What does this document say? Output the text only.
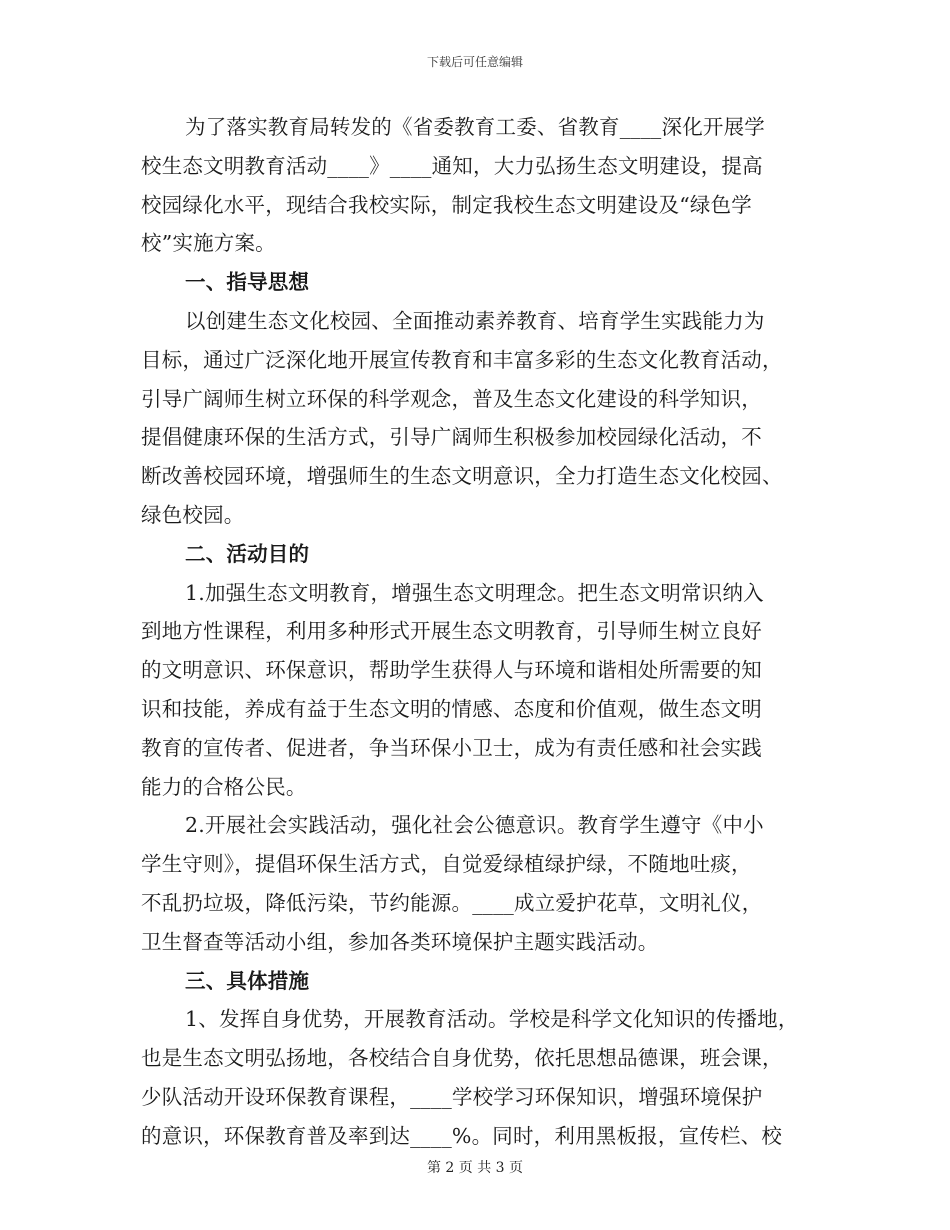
下载后可任意编辑
为了落实教育局转发的《省委教育工委、省教育____深化开展学
校生态文明教育活动____》____通知，大力弘扬生态文明建设，提高
校园绿化水平，现结合我校实际，制定我校生态文明建设及“绿色学
校”实施方案。
一、指导思想
以创建生态文化校园、全面推动素养教育、培育学生实践能力为
目标，通过广泛深化地开展宣传教育和丰富多彩的生态文化教育活动，
引导广阔师生树立环保的科学观念，普及生态文化建设的科学知识，
提倡健康环保的生活方式，引导广阔师生积极参加校园绿化活动，不
断改善校园环境，增强师生的生态文明意识，全力打造生态文化校园、
绿色校园。
二、活动目的
1.加强生态文明教育，增强生态文明理念。把生态文明常识纳入
到地方性课程，利用多种形式开展生态文明教育，引导师生树立良好
的文明意识、环保意识，帮助学生获得人与环境和谐相处所需要的知
识和技能，养成有益于生态文明的情感、态度和价值观，做生态文明
教育的宣传者、促进者，争当环保小卫士，成为有责任感和社会实践
能力的合格公民。
2.开展社会实践活动，强化社会公德意识。教育学生遵守《中小
学生守则》，提倡环保生活方式，自觉爱绿植绿护绿，不随地吐痰，
不乱扔垃圾，降低污染，节约能源。____成立爱护花草，文明礼仪，
卫生督查等活动小组，参加各类环境保护主题实践活动。
三、具体措施
1、发挥自身优势，开展教育活动。学校是科学文化知识的传播地，
也是生态文明弘扬地，各校结合自身优势，依托思想品德课，班会课，
少队活动开设环保教育课程，____学校学习环保知识，增强环境保护
的意识，环保教育普及率到达____%。同时，利用黑板报，宣传栏、校
第 2 页 共 3 页
